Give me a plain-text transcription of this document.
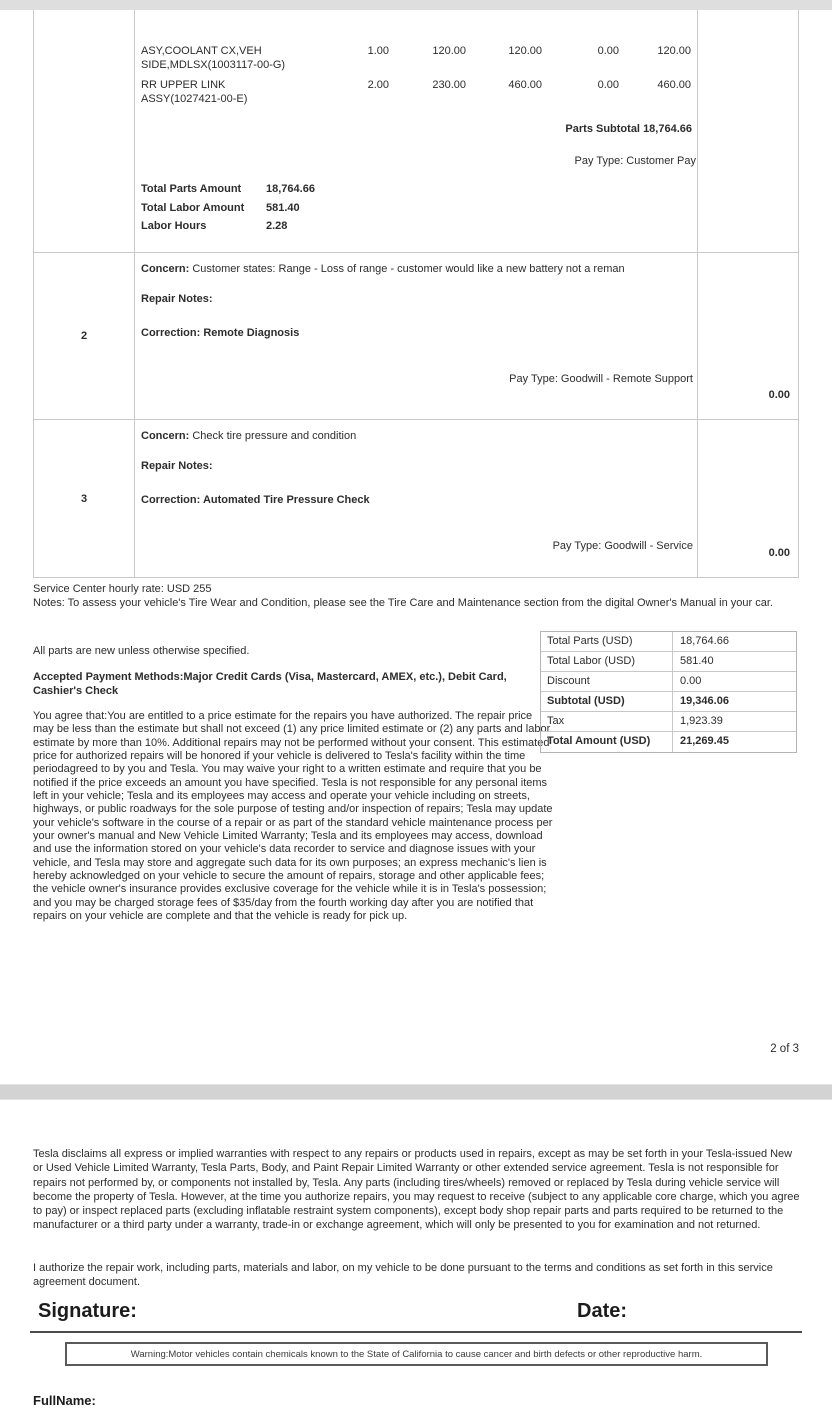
ASY,COOLANT CX,VEH
SIDE,MDLSX(1003117-00-G)
1.00	120.00	120.00	0.00	120.00
RR UPPER LINK
ASSY(1027421-00-E)
2.00	230.00	460.00	0.00	460.00
Parts Subtotal 18,764.66
Pay Type: Customer Pay
Total Parts Amount	18,764.66
Total Labor Amount	581.40
Labor Hours	2.28
2
Concern: Customer states: Range - Loss of range - customer would like a new battery not a reman
Repair Notes:
Correction: Remote Diagnosis
Pay Type: Goodwill - Remote Support
0.00
3
Concern: Check tire pressure and condition
Repair Notes:
Correction: Automated Tire Pressure Check
Pay Type: Goodwill - Service
0.00
Service Center hourly rate: USD 255
Notes: To assess your vehicle's Tire Wear and Condition, please see the Tire Care and Maintenance section from the digital Owner's Manual in your car.
All parts are new unless otherwise specified.
Accepted Payment Methods:Major Credit Cards (Visa, Mastercard, AMEX, etc.), Debit Card, Cashier's Check
You agree that:You are entitled to a price estimate for the repairs you have authorized. The repair price may be less than the estimate but shall not exceed (1) any price limited estimate or (2) any parts and labor estimate by more than 10%. Additional repairs may not be performed without your consent. This estimated price for authorized repairs will be honored if your vehicle is delivered to Tesla's facility within the time periodagreed to by you and Tesla. You may waive your right to a written estimate and require that you be notified if the price exceeds an amount you have specified. Tesla is not responsible for any personal items left in your vehicle; Tesla and its employees may access and operate your vehicle including on streets, highways, or public roadways for the sole purpose of testing and/or inspection of repairs; Tesla may update your vehicle's software in the course of a repair or as part of the standard vehicle maintenance process per your owner's manual and New Vehicle Limited Warranty; Tesla and its employees may access, download and use the information stored on your vehicle's data recorder to service and diagnose issues with your vehicle, and Tesla may store and aggregate such data for its own purposes; an express mechanic's lien is hereby acknowledged on your vehicle to secure the amount of repairs, storage and other applicable fees; the vehicle owner's insurance provides exclusive coverage for the vehicle while it is in Tesla's possession; and you may be charged storage fees of $35/day from the fourth working day after you are notified that repairs on your vehicle are complete and that the vehicle is ready for pick up.
Total Parts (USD)	18,764.66
Total Labor (USD)	581.40
Discount	0.00
Subtotal (USD)	19,346.06
Tax	1,923.39
Total Amount (USD)	21,269.45
2 of 3
Tesla disclaims all express or implied warranties with respect to any repairs or products used in repairs, except as may be set forth in your Tesla-issued New or Used Vehicle Limited Warranty, Tesla Parts, Body, and Paint Repair Limited Warranty or other extended service agreement. Tesla is not responsible for repairs not performed by, or components not installed by, Tesla. Any parts (including tires/wheels) removed or replaced by Tesla during vehicle service will become the property of Tesla. However, at the time you authorize repairs, you may request to receive (subject to any applicable core charge, which you agree to pay) or inspect replaced parts (excluding inflatable restraint system components), except body shop repair parts and parts required to be returned to the manufacturer or a third party under a warranty, trade-in or exchange agreement, which will only be presented to you for examination and not returned.
I authorize the repair work, including parts, materials and labor, on my vehicle to be done pursuant to the terms and conditions as set forth in this service agreement document.
Signature:	Date:
Warning:Motor vehicles contain chemicals known to the State of California to cause cancer and birth defects or other reproductive harm.
FullName:
